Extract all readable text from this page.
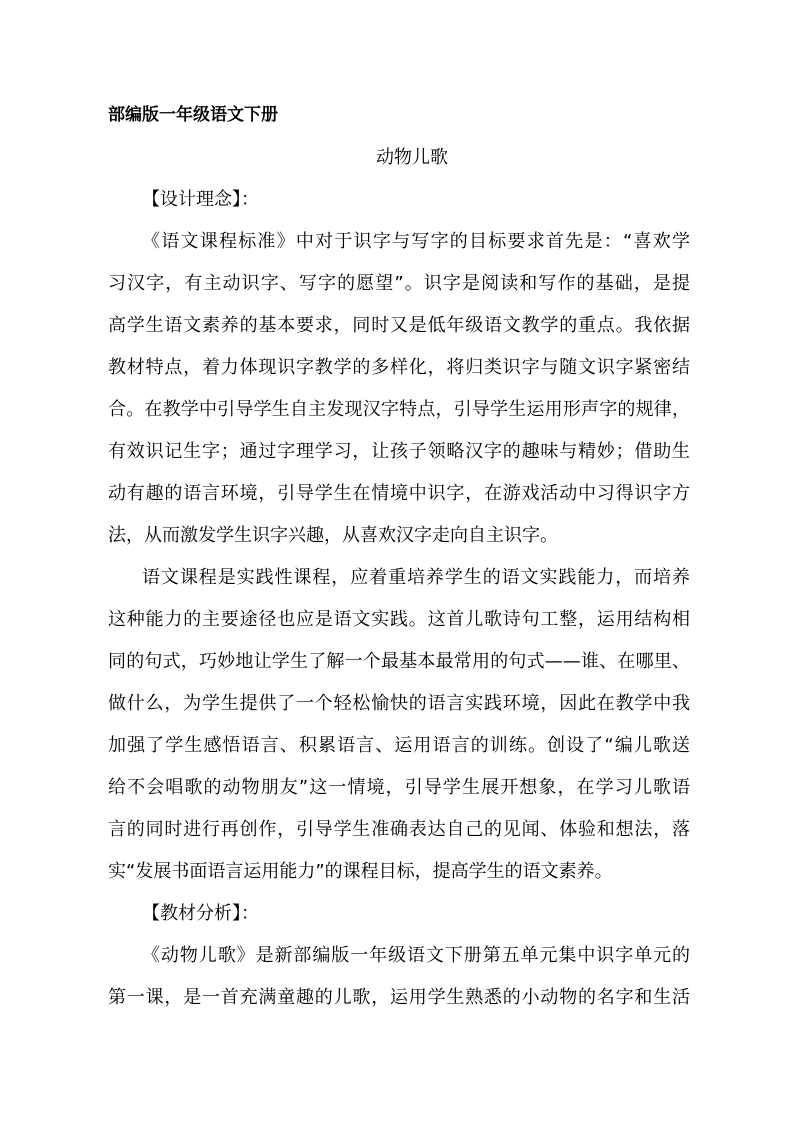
部编版一年级语文下册
动物儿歌
【设计理念】：
《语文课程标准》中对于识字与写字的目标要求首先是：“喜欢学
习汉字，有主动识字、写字的愿望”。识字是阅读和写作的基础，是提
高学生语文素养的基本要求，同时又是低年级语文教学的重点。我依据
教材特点，着力体现识字教学的多样化，将归类识字与随文识字紧密结
合。在教学中引导学生自主发现汉字特点，引导学生运用形声字的规律，
有效识记生字；通过字理学习，让孩子领略汉字的趣味与精妙；借助生
动有趣的语言环境，引导学生在情境中识字，在游戏活动中习得识字方
法，从而激发学生识字兴趣，从喜欢汉字走向自主识字。
语文课程是实践性课程，应着重培养学生的语文实践能力，而培养
这种能力的主要途径也应是语文实践。这首儿歌诗句工整，运用结构相
同的句式，巧妙地让学生了解一个最基本最常用的句式——谁、在哪里、
做什么，为学生提供了一个轻松愉快的语言实践环境，因此在教学中我
加强了学生感悟语言、积累语言、运用语言的训练。创设了“编儿歌送
给不会唱歌的动物朋友”这一情境，引导学生展开想象，在学习儿歌语
言的同时进行再创作，引导学生准确表达自己的见闻、体验和想法，落
实“发展书面语言运用能力”的课程目标，提高学生的语文素养。
【教材分析】：
《动物儿歌》是新部编版一年级语文下册第五单元集中识字单元的
第一课，是一首充满童趣的儿歌，运用学生熟悉的小动物的名字和生活
